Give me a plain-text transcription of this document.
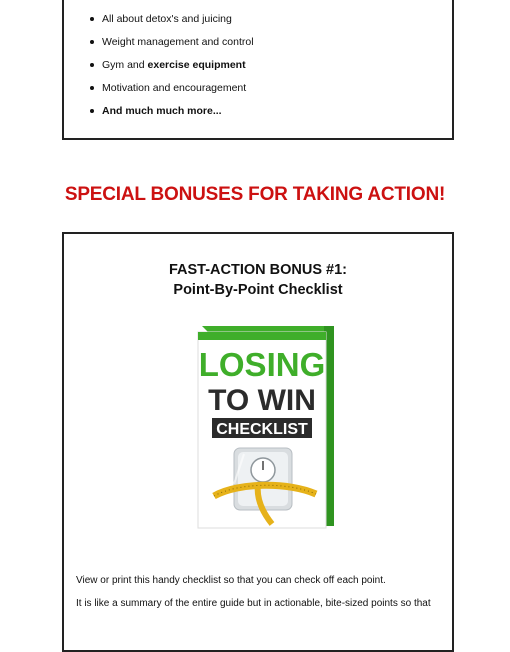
All about detox's and juicing
Weight management and control
Gym and exercise equipment
Motivation and encouragement
And much much more...
SPECIAL BONUSES FOR TAKING ACTION!
FAST-ACTION BONUS #1:
Point-By-Point Checklist
LOSING
TO WIN
CHECKLIST
View or print this handy checklist so that you can check off each point.
It is like a summary of the entire guide but in actionable, bite-sized points so that
